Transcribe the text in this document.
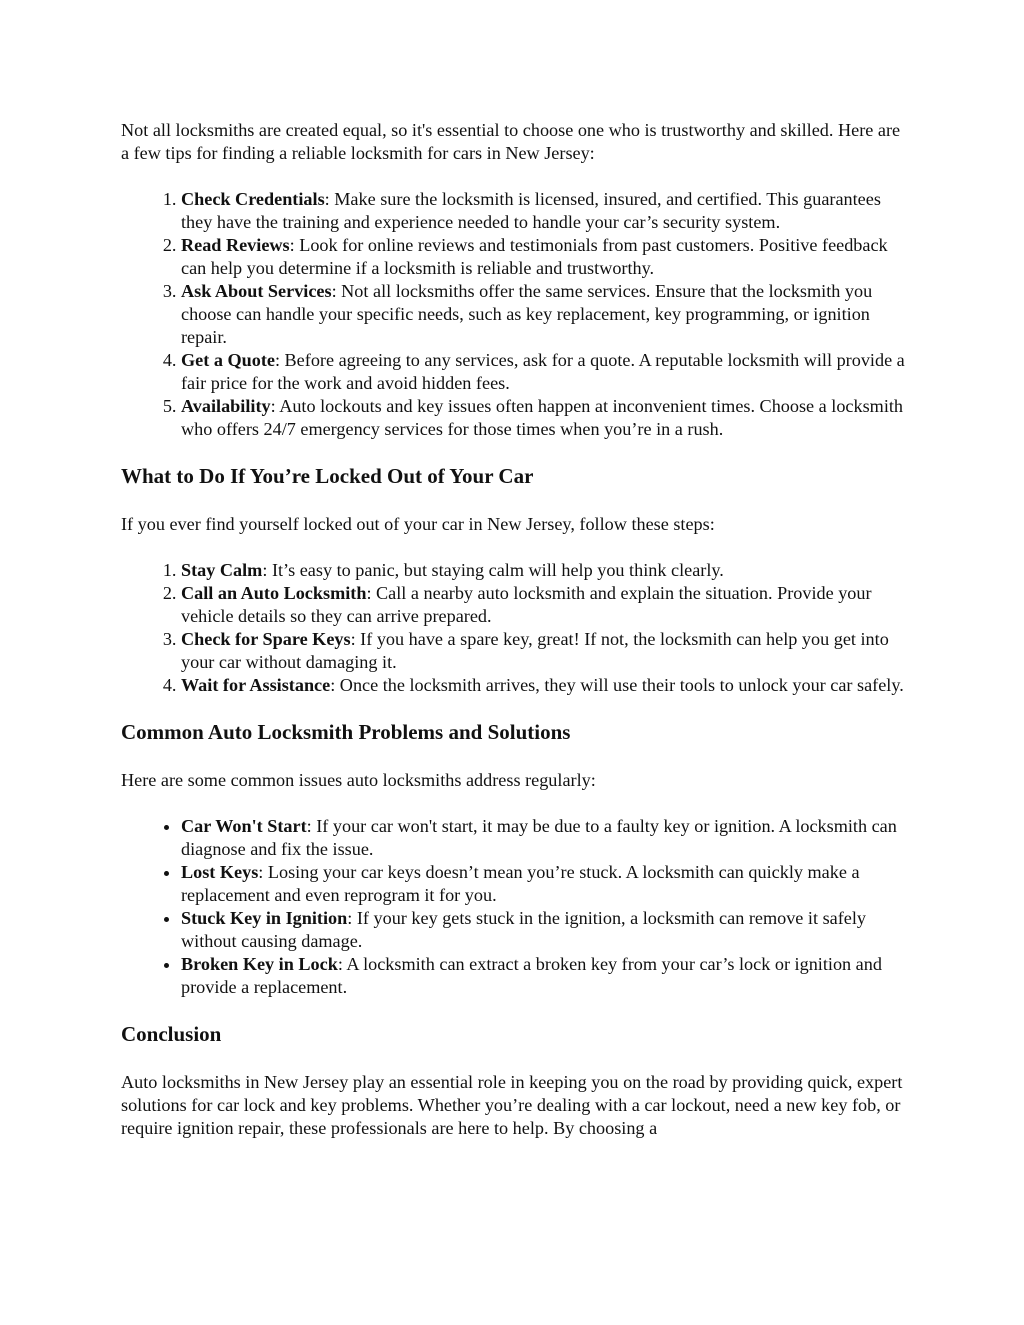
Not all locksmiths are created equal, so it's essential to choose one who is trustworthy and skilled. Here are a few tips for finding a reliable locksmith for cars in New Jersey:

1. Check Credentials: Make sure the locksmith is licensed, insured, and certified. This guarantees they have the training and experience needed to handle your car’s security system.
2. Read Reviews: Look for online reviews and testimonials from past customers. Positive feedback can help you determine if a locksmith is reliable and trustworthy.
3. Ask About Services: Not all locksmiths offer the same services. Ensure that the locksmith you choose can handle your specific needs, such as key replacement, key programming, or ignition repair.
4. Get a Quote: Before agreeing to any services, ask for a quote. A reputable locksmith will provide a fair price for the work and avoid hidden fees.
5. Availability: Auto lockouts and key issues often happen at inconvenient times. Choose a locksmith who offers 24/7 emergency services for those times when you’re in a rush.
What to Do If You’re Locked Out of Your Car

If you ever find yourself locked out of your car in New Jersey, follow these steps:

1. Stay Calm: It’s easy to panic, but staying calm will help you think clearly.
2. Call an Auto Locksmith: Call a nearby auto locksmith and explain the situation. Provide your vehicle details so they can arrive prepared.
3. Check for Spare Keys: If you have a spare key, great! If not, the locksmith can help you get into your car without damaging it.
4. Wait for Assistance: Once the locksmith arrives, they will use their tools to unlock your car safely.
Common Auto Locksmith Problems and Solutions

Here are some common issues auto locksmiths address regularly:

• Car Won't Start: If your car won't start, it may be due to a faulty key or ignition. A locksmith can diagnose and fix the issue.
• Lost Keys: Losing your car keys doesn’t mean you’re stuck. A locksmith can quickly make a replacement and even reprogram it for you.
• Stuck Key in Ignition: If your key gets stuck in the ignition, a locksmith can remove it safely without causing damage.
• Broken Key in Lock: A locksmith can extract a broken key from your car’s lock or ignition and provide a replacement.
Conclusion

Auto locksmiths in New Jersey play an essential role in keeping you on the road by providing quick, expert solutions for car lock and key problems. Whether you’re dealing with a car lockout, need a new key fob, or require ignition repair, these professionals are here to help. By choosing a
